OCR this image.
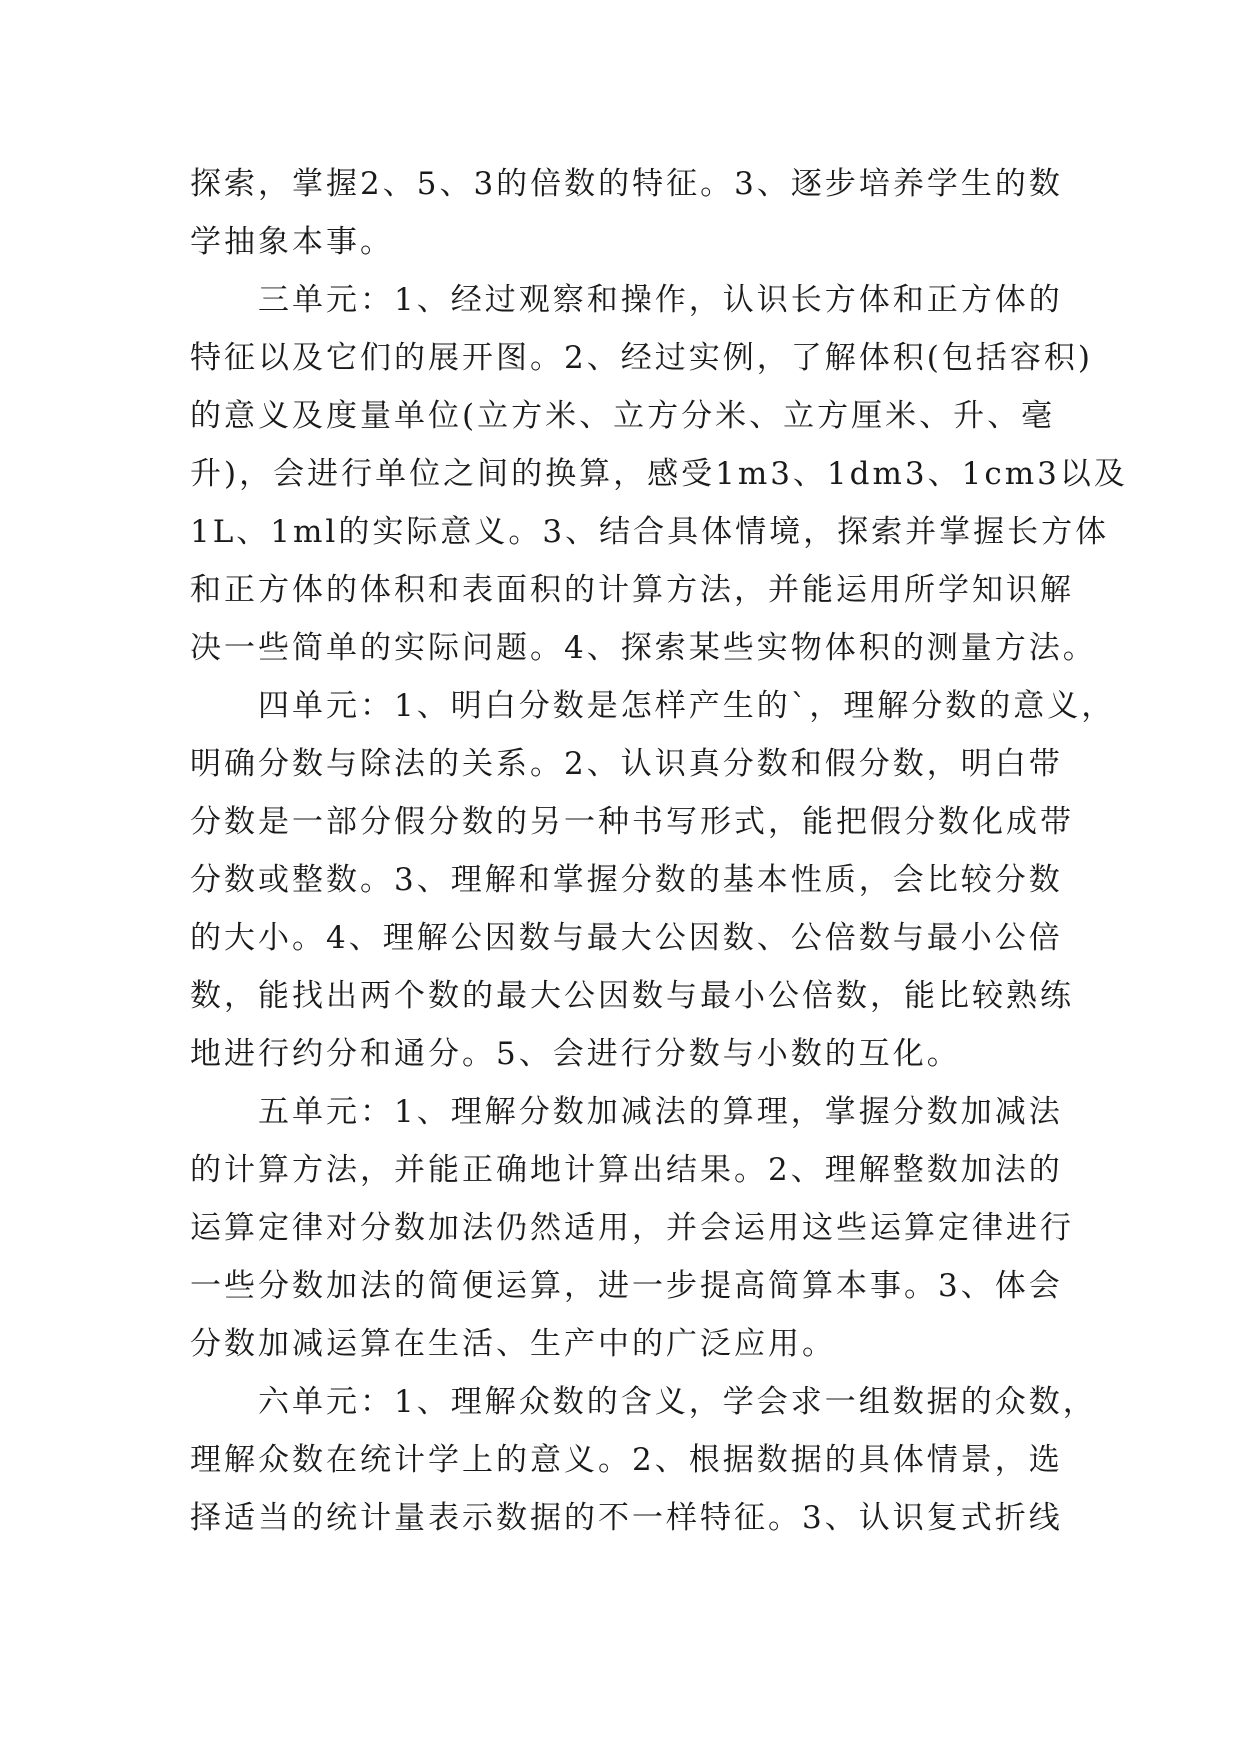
探索，掌握2、5、3的倍数的特征。3、逐步培养学生的数
学抽象本事。
　　三单元：1、经过观察和操作，认识长方体和正方体的
特征以及它们的展开图。2、经过实例，了解体积(包括容积)
的意义及度量单位(立方米、立方分米、立方厘米、升、毫
升)，会进行单位之间的换算，感受1m3、1dm3、1cm3以及
1L、1ml的实际意义。3、结合具体情境，探索并掌握长方体
和正方体的体积和表面积的计算方法，并能运用所学知识解
决一些简单的实际问题。4、探索某些实物体积的测量方法。
　　四单元：1、明白分数是怎样产生的`，理解分数的意义，
明确分数与除法的关系。2、认识真分数和假分数，明白带
分数是一部分假分数的另一种书写形式，能把假分数化成带
分数或整数。3、理解和掌握分数的基本性质，会比较分数
的大小。4、理解公因数与最大公因数、公倍数与最小公倍
数，能找出两个数的最大公因数与最小公倍数，能比较熟练
地进行约分和通分。5、会进行分数与小数的互化。
　　五单元：1、理解分数加减法的算理，掌握分数加减法
的计算方法，并能正确地计算出结果。2、理解整数加法的
运算定律对分数加法仍然适用，并会运用这些运算定律进行
一些分数加法的简便运算，进一步提高简算本事。3、体会
分数加减运算在生活、生产中的广泛应用。
　　六单元：1、理解众数的含义，学会求一组数据的众数，
理解众数在统计学上的意义。2、根据数据的具体情景，选
择适当的统计量表示数据的不一样特征。3、认识复式折线
